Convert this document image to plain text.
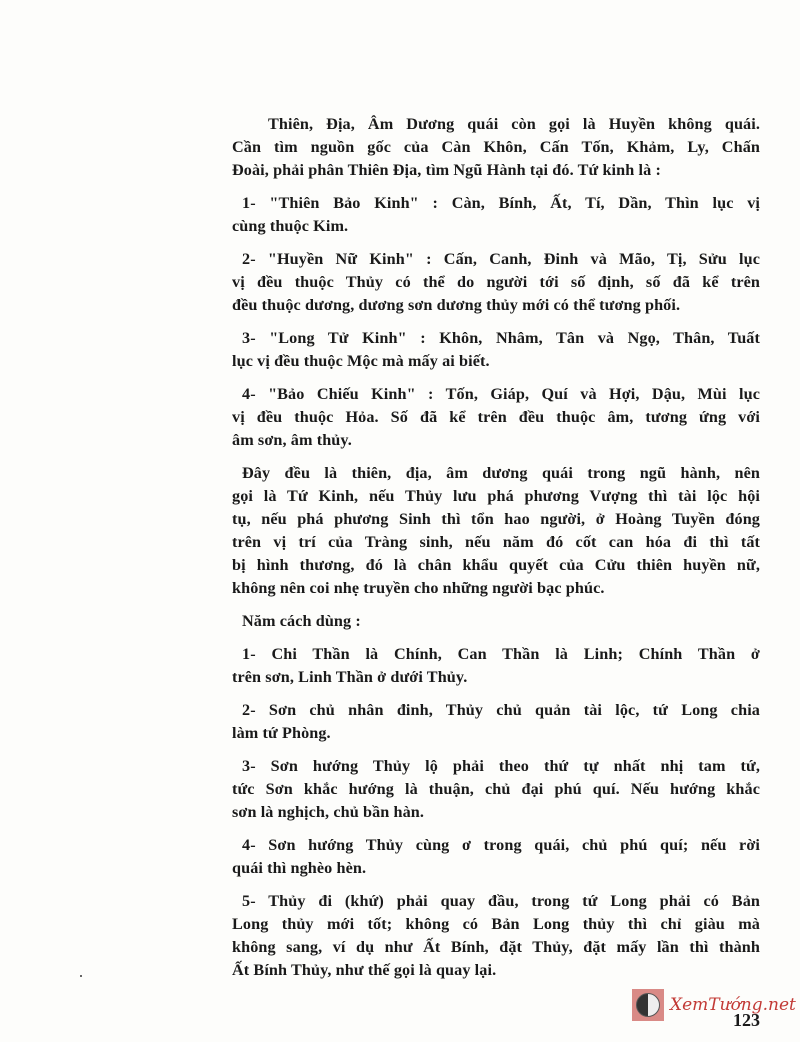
Thiên, Địa, Âm Dương quái còn gọi là Huyền không quái.
Cần tìm nguồn gốc của Càn Khôn, Cấn Tốn, Khảm, Ly, Chấn
Đoài, phải phân Thiên Địa, tìm Ngũ Hành tại đó. Tứ kinh là :
1- "Thiên Bảo Kinh" : Càn, Bính, Ất, Tí, Dần, Thìn lục vị
cùng thuộc Kim.
2- "Huyền Nữ Kinh" : Cấn, Canh, Đinh và Mão, Tị, Sửu lục
vị đều thuộc Thủy có thể do người tới số định, số đã kể trên
đều thuộc dương, dương sơn dương thủy mới có thể tương phối.
3- "Long Tử Kinh" : Khôn, Nhâm, Tân và Ngọ, Thân, Tuất
lục vị đều thuộc Mộc mà mấy ai biết.
4- "Bảo Chiếu Kinh" : Tốn, Giáp, Quí và Hợi, Dậu, Mùi lục
vị đều thuộc Hỏa. Số đã kể trên đều thuộc âm, tương ứng với
âm sơn, âm thủy.
Đây đều là thiên, địa, âm dương quái trong ngũ hành, nên
gọi là Tứ Kinh, nếu Thủy lưu phá phương Vượng thì tài lộc hội
tụ, nếu phá phương Sinh thì tổn hao người, ở Hoàng Tuyền đóng
trên vị trí của Tràng sinh, nếu năm đó cốt can hóa đi thì tất
bị hình thương, đó là chân khẩu quyết của Cửu thiên huyền nữ,
không nên coi nhẹ truyền cho những người bạc phúc.
Năm cách dùng :
1- Chi Thần là Chính, Can Thần là Linh; Chính Thần ở
trên sơn, Linh Thần ở dưới Thủy.
2- Sơn chủ nhân đinh, Thủy chủ quản tài lộc, tứ Long chia
làm tứ Phòng.
3- Sơn hướng Thủy lộ phải theo thứ tự nhất nhị tam tứ,
tức Sơn khắc hướng là thuận, chủ đại phú quí. Nếu hướng khắc
sơn là nghịch, chủ bần hàn.
4- Sơn hướng Thủy cùng ơ trong quái, chủ phú quí; nếu rời
quái thì nghèo hèn.
5- Thủy đi (khứ) phải quay đầu, trong tứ Long phải có Bản
Long thủy mới tốt; không có Bản Long thủy thì chỉ giàu mà
không sang, ví dụ như Ất Bính, đặt Thủy, đặt mấy lần thì thành
Ất Bính Thủy, như thế gọi là quay lại.
123
XemTướng.net
